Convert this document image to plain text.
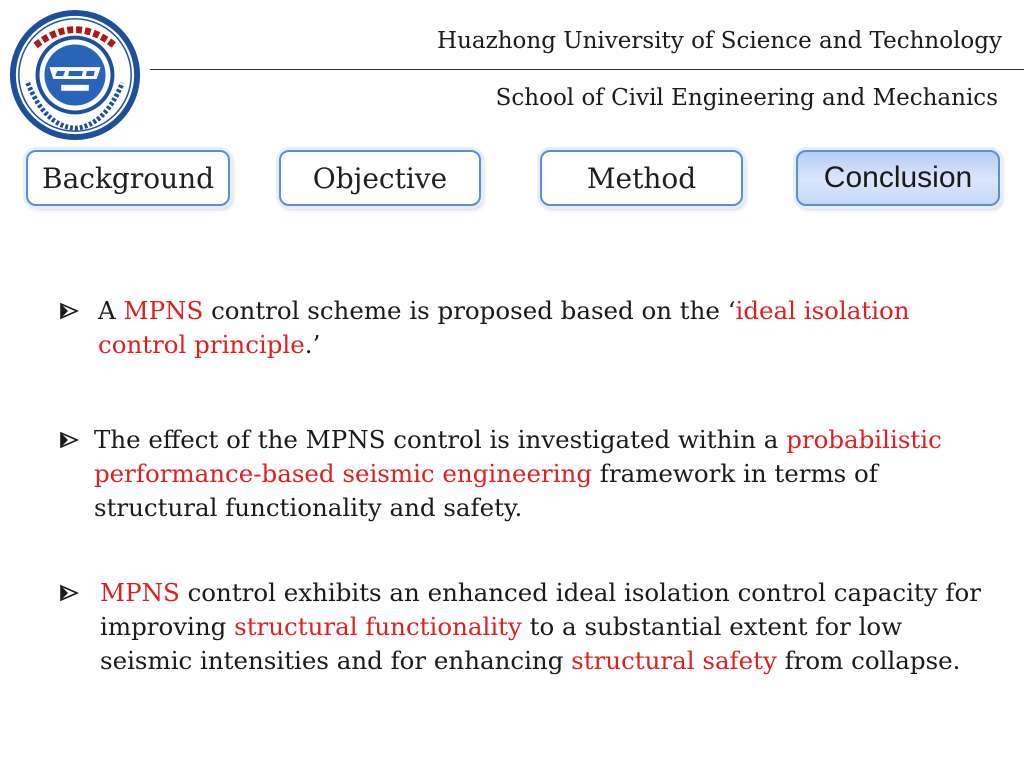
Huazhong University of Science and Technology
School of Civil Engineering and Mechanics
Background	Objective	Method	Conclusion
A MPNS control scheme is proposed based on the ‘ideal isolation control principle.’
The effect of the MPNS control is investigated within a probabilistic performance-based seismic engineering framework in terms of structural functionality and safety.
MPNS control exhibits an enhanced ideal isolation control capacity for improving structural functionality to a substantial extent for low seismic intensities and for enhancing structural safety from collapse.
